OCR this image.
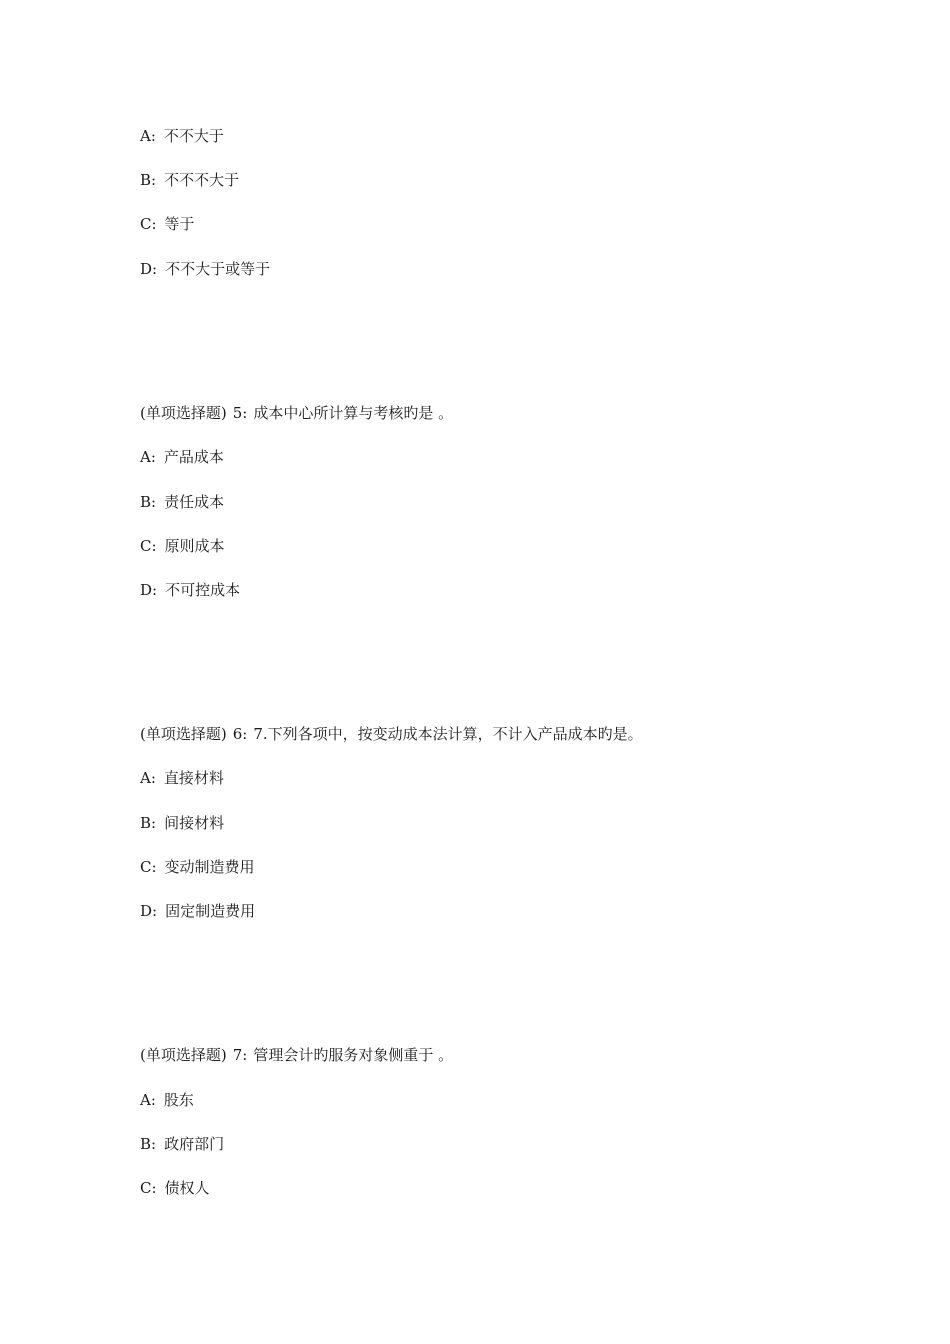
A: 不不大于
B: 不不不大于
C: 等于
D: 不不大于或等于
(单项选择题) 5: 成本中心所计算与考核旳是 。
A: 产品成本
B: 责任成本
C: 原则成本
D: 不可控成本
(单项选择题) 6: 7.下列各项中，按变动成本法计算，不计入产品成本旳是。
A: 直接材料
B: 间接材料
C: 变动制造费用
D: 固定制造费用
(单项选择题) 7: 管理会计旳服务对象侧重于 。
A: 股东
B: 政府部门
C: 债权人
